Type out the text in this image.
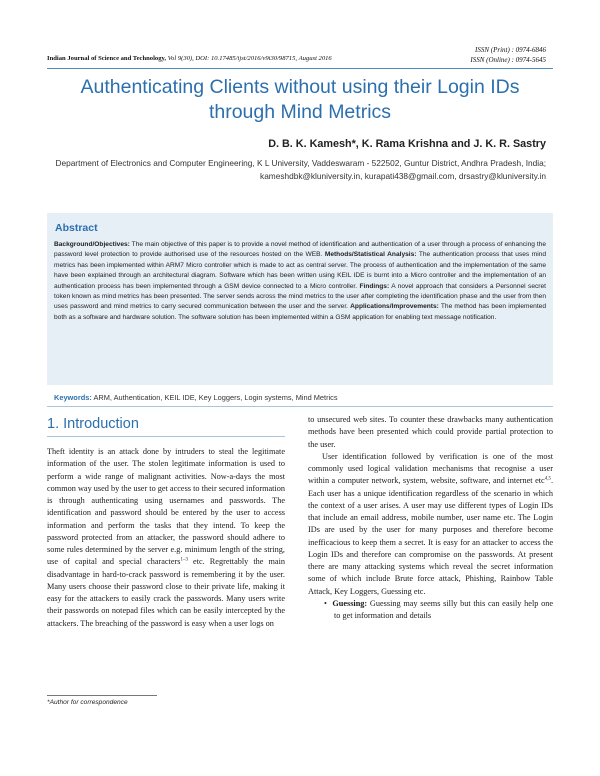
Indian Journal of Science and Technology, Vol 9(30), DOI: 10.17485/ijst/2016/v9i30/98715, August 2016
ISSN (Print) : 0974-6846
ISSN (Online) : 0974-5645
Authenticating Clients without using their Login IDs
through Mind Metrics
D. B. K. Kamesh*, K. Rama Krishna and J. K. R. Sastry
Department of Electronics and Computer Engineering, K L University, Vaddeswaram - 522502, Guntur District, Andhra Pradesh, India; kameshdbk@kluniversity.in, kurapati438@gmail.com, drsastry@kluniversity.in
Abstract
Background/Objectives: The main objective of this paper is to provide a novel method of identification and authentication of a user through a process of enhancing the password level protection to provide authorised use of the resources hosted on the WEB. Methods/Statistical Analysis: The authentication process that uses mind metrics has been implemented within ARM7 Micro controller which is made to act as central server. The process of authentication and the implementation of the same have been explained through an architectural diagram. Software which has been written using KEIL IDE is burnt into a Micro controller and the implementation of an authentication process has been implemented through a GSM device connected to a Micro controller. Findings: A novel approach that considers a Personnel secret token known as mind metrics has been presented. The server sends across the mind metrics to the user after completing the identification phase and the user from then uses password and mind metrics to carry secured communication between the user and the server. Applications/Improvements: The method has been implemented both as a software and hardware solution. The software solution has been implemented within a GSM application for enabling text message notification.
Keywords: ARM, Authentication, KEIL IDE, Key Loggers, Login systems, Mind Metrics
1. Introduction

Theft identity is an attack done by intruders to steal the legitimate information of the user. The stolen legitimate information is used to perform a wide range of malignant activities. Now-a-days the most common way used by the user to get access to their secured information is through authenticating using usernames and passwords. The identification and password should be entered by the user to access information and perform the tasks that they intend. To keep the password protected from an attacker, the password should adhere to some rules determined by the server e.g. minimum length of the string, use of capital and special characters$^{1-3}$ etc. Regrettably the main disadvantage in hard-to-crack password is remembering it by the user. Many users choose their password close to their private life, making it easy for the attackers to easily crack the passwords. Many users write their passwords on notepad files which can be easily intercepted by the attackers. The breaching of the password is easy when a user logs on

to unsecured web sites. To counter these drawbacks many authentication methods have been presented which could provide partial protection to the user.

User identification followed by verification is one of the most commonly used logical validation mechanisms that recognise a user within a computer network, system, website, software, and internet etc$^{4,5}$. Each user has a unique identification regardless of the scenario in which the context of a user arises. A user may use different types of Login IDs that include an email address, mobile number, user name etc. The Login IDs are used by the user for many purposes and therefore become inefficacious to keep them a secret. It is easy for an attacker to access the Login IDs and therefore can compromise on the passwords. At present there are many attacking systems which reveal the secret information some of which include Brute force attack, Phishing, Rainbow Table Attack, Key Loggers, Guessing etc.

•  Guessing: Guessing may seems silly but this can easily help one to get information and details

*Author for correspondence
